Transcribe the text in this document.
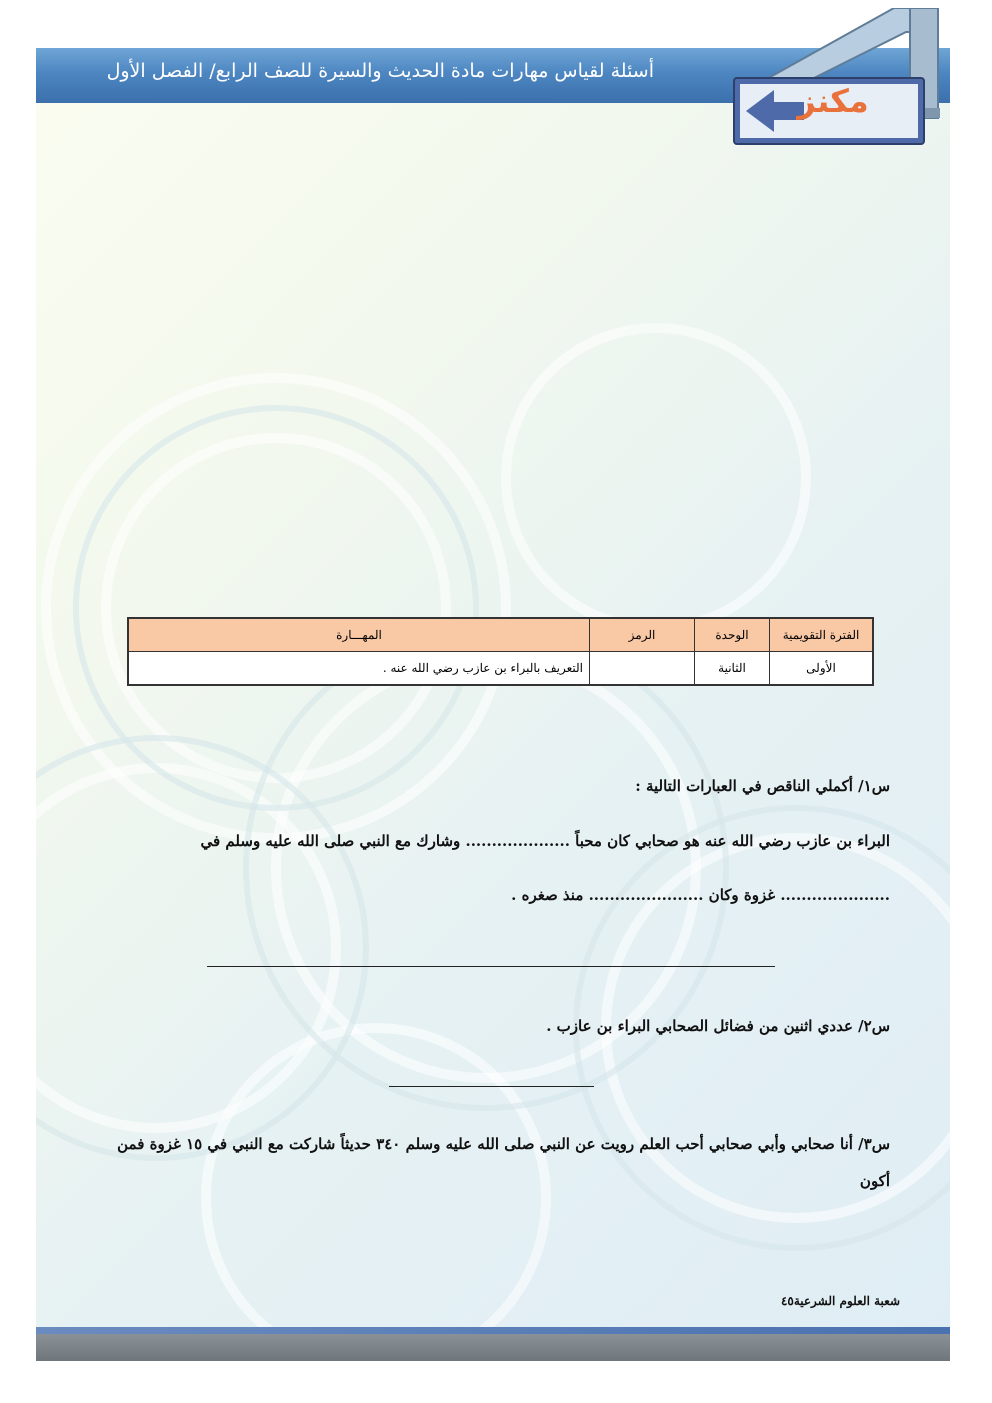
أسئلة لقياس مهارات مادة الحديث والسيرة للصف الرابع/ الفصل الأول
مكنز
الفترة التقويمية	الوحدة	الرمز	المهـــارة
الأولى	الثانية		التعريف بالبراء بن عازب رضي الله عنه .
س١/ أكملي الناقص في العبارات التالية :
البراء بن عازب رضي الله عنه هو صحابي كان محباً .................... وشارك مع النبي صلى الله عليه وسلم في
..................... غزوة وكان ...................... منذ صغره .
س٢/ عددي اثنين من فضائل الصحابي البراء بن عازب .
س٣/ أنا صحابي وأبي صحابي أحب العلم رويت عن النبي صلى الله عليه وسلم ٣٤٠ حديثاً شاركت مع النبي في ١٥ غزوة فمن
أكون
شعبة العلوم الشرعية٤٥
